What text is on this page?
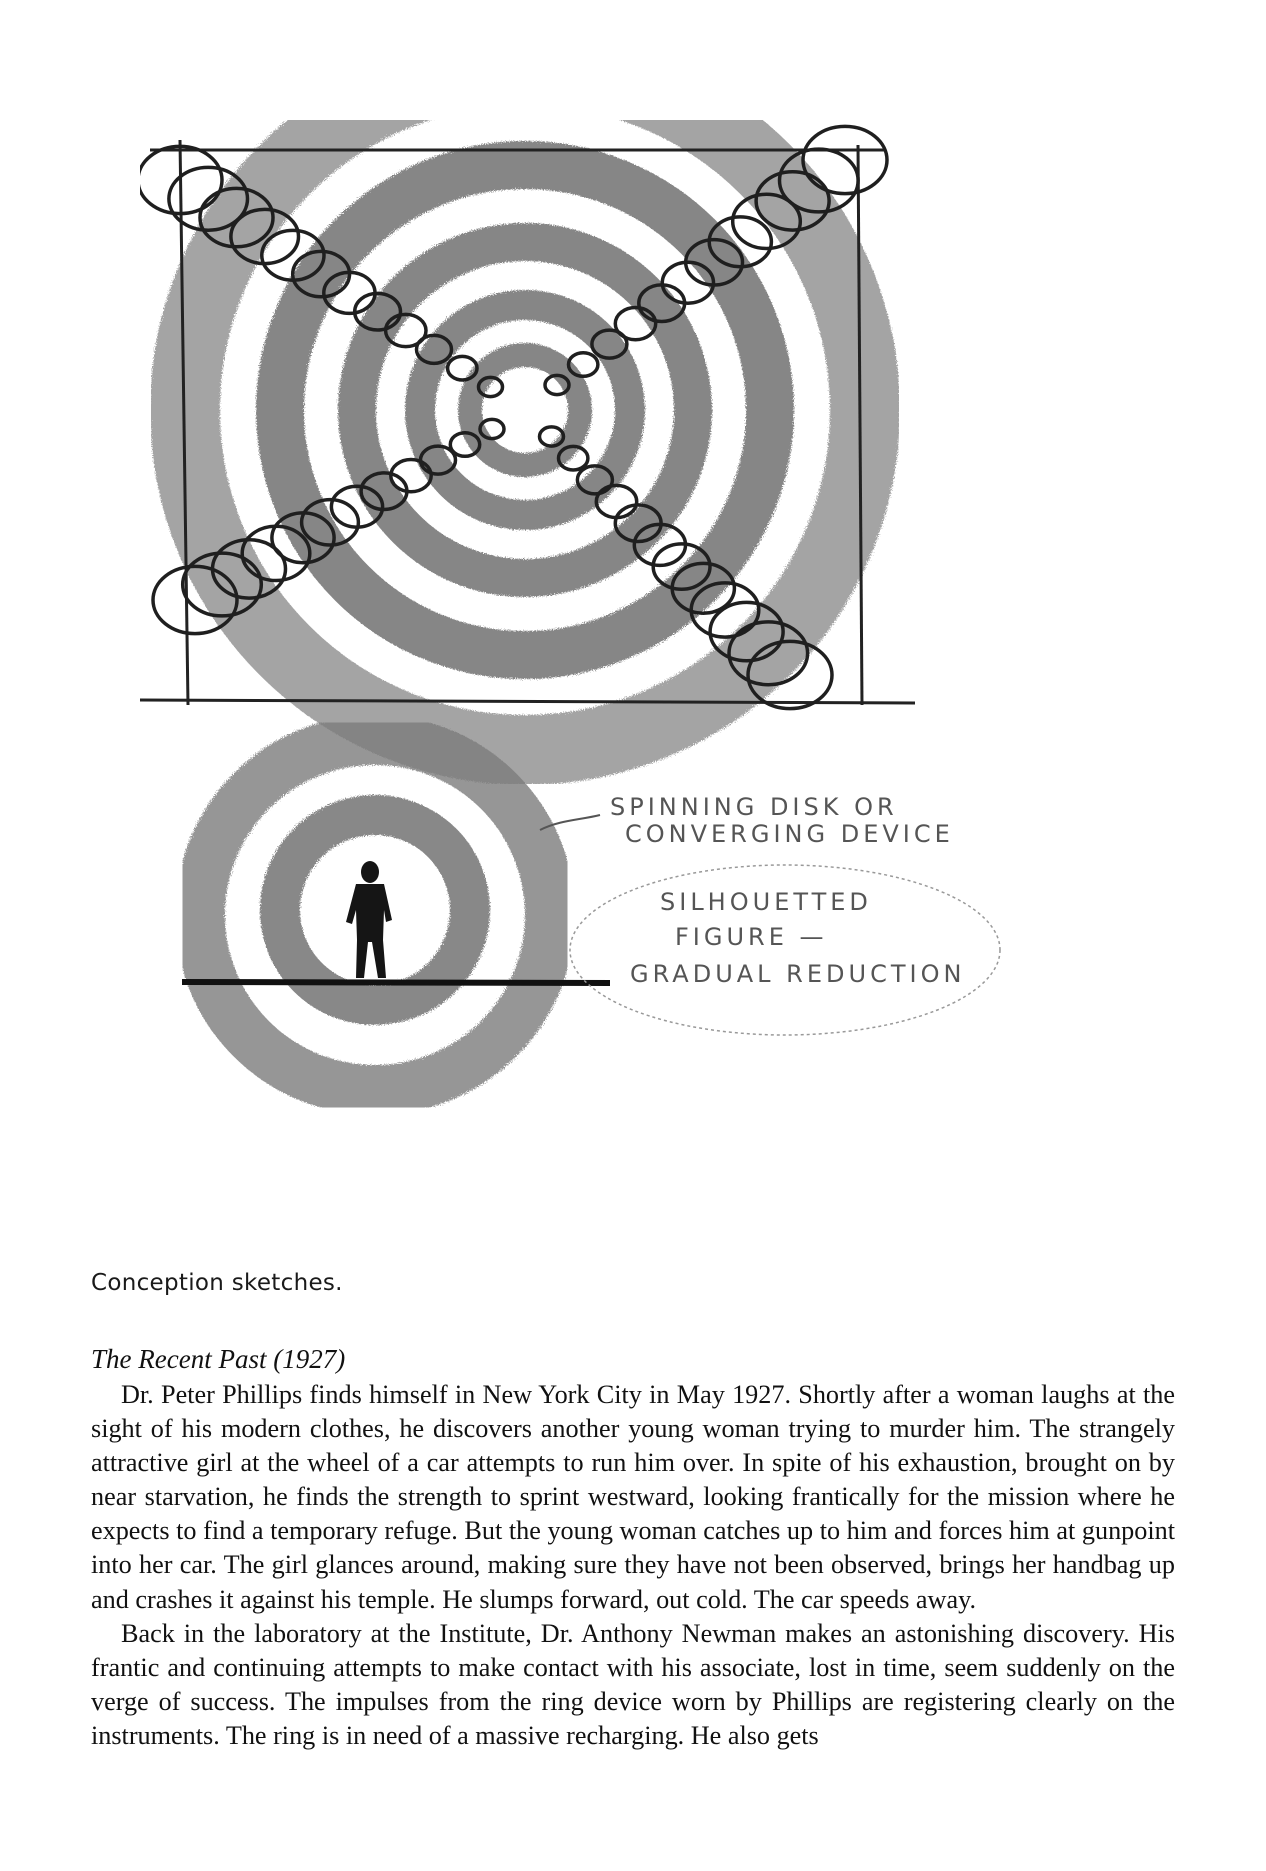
SPINNING DISK OR
CONVERGING DEVICE
SILHOUETTED
FIGURE —
GRADUAL REDUCTION
Conception sketches.
The Recent Past (1927)

Dr. Peter Phillips finds himself in New York City in May 1927. Shortly after a woman laughs at the sight of his modern clothes, he discovers another young woman trying to murder him. The strangely attractive girl at the wheel of a car attempts to run him over. In spite of his exhaustion, brought on by near starvation, he finds the strength to sprint westward, looking frantically for the mission where he expects to find a temporary refuge. But the young woman catches up to him and forces him at gunpoint into her car. The girl glances around, making sure they have not been observed, brings her handbag up and crashes it against his temple. He slumps forward, out cold. The car speeds away.

Back in the laboratory at the Institute, Dr. Anthony Newman makes an astonishing discovery. His frantic and continuing attempts to make contact with his associate, lost in time, seem suddenly on the verge of success. The impulses from the ring device worn by Phillips are registering clearly on the instruments. The ring is in need of a massive recharging. He also gets
